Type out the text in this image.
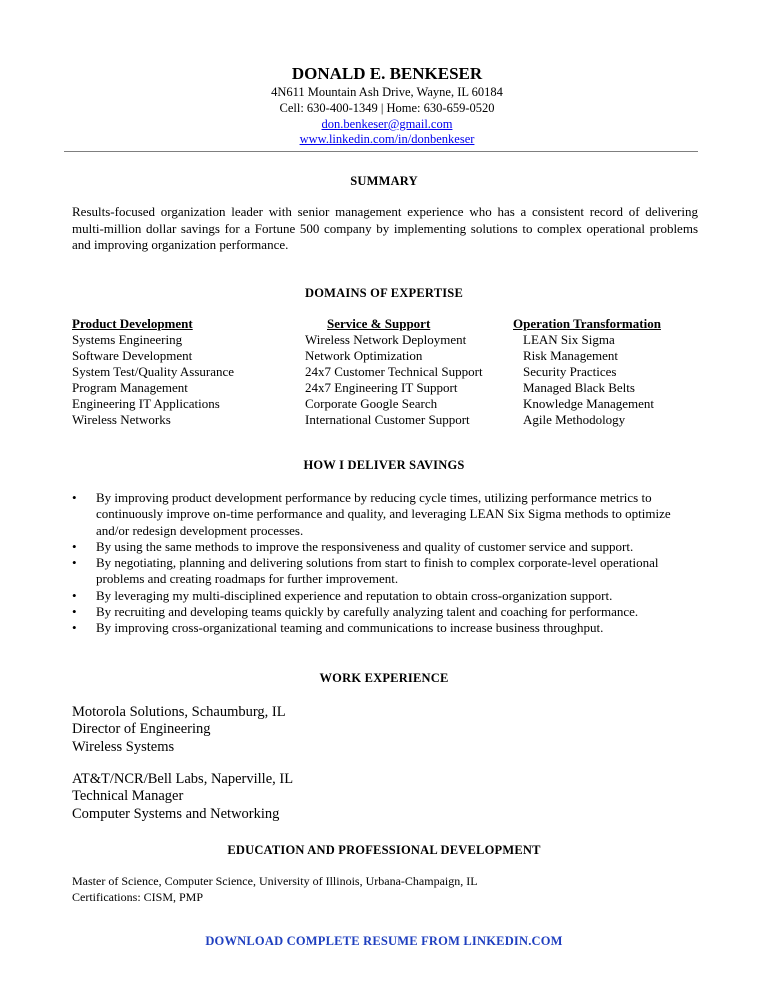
DONALD E. BENKESER
4N611 Mountain Ash Drive, Wayne, IL 60184
Cell: 630-400-1349 | Home: 630-659-0520
don.benkeser@gmail.com
www.linkedin.com/in/donbenkeser
SUMMARY
Results-focused organization leader with senior management experience who has a consistent record of delivering multi-million dollar savings for a Fortune 500 company by implementing solutions to complex operational problems and improving organization performance.
DOMAINS OF EXPERTISE
Product Development
Systems Engineering
Software Development
System Test/Quality Assurance
Program Management
Engineering IT Applications
Wireless Networks
Service & Support
Wireless Network Deployment
Network Optimization
24x7 Customer Technical Support
24x7 Engineering IT Support
Corporate Google Search
International Customer Support
Operation Transformation
LEAN Six Sigma
Risk Management
Security Practices
Managed Black Belts
Knowledge Management
Agile Methodology
HOW I DELIVER SAVINGS
• By improving product development performance by reducing cycle times, utilizing performance metrics to continuously improve on-time performance and quality, and leveraging LEAN Six Sigma methods to optimize and/or redesign development processes.
• By using the same methods to improve the responsiveness and quality of customer service and support.
• By negotiating, planning and delivering solutions from start to finish to complex corporate-level operational problems and creating roadmaps for further improvement.
• By leveraging my multi-disciplined experience and reputation to obtain cross-organization support.
• By recruiting and developing teams quickly by carefully analyzing talent and coaching for performance.
• By improving cross-organizational teaming and communications to increase business throughput.
WORK EXPERIENCE
Motorola Solutions, Schaumburg, IL
Director of Engineering
Wireless Systems
AT&T/NCR/Bell Labs, Naperville, IL
Technical Manager
Computer Systems and Networking
EDUCATION AND PROFESSIONAL DEVELOPMENT
Master of Science, Computer Science, University of Illinois, Urbana-Champaign, IL
Certifications: CISM, PMP
DOWNLOAD COMPLETE RESUME FROM LINKEDIN.COM
